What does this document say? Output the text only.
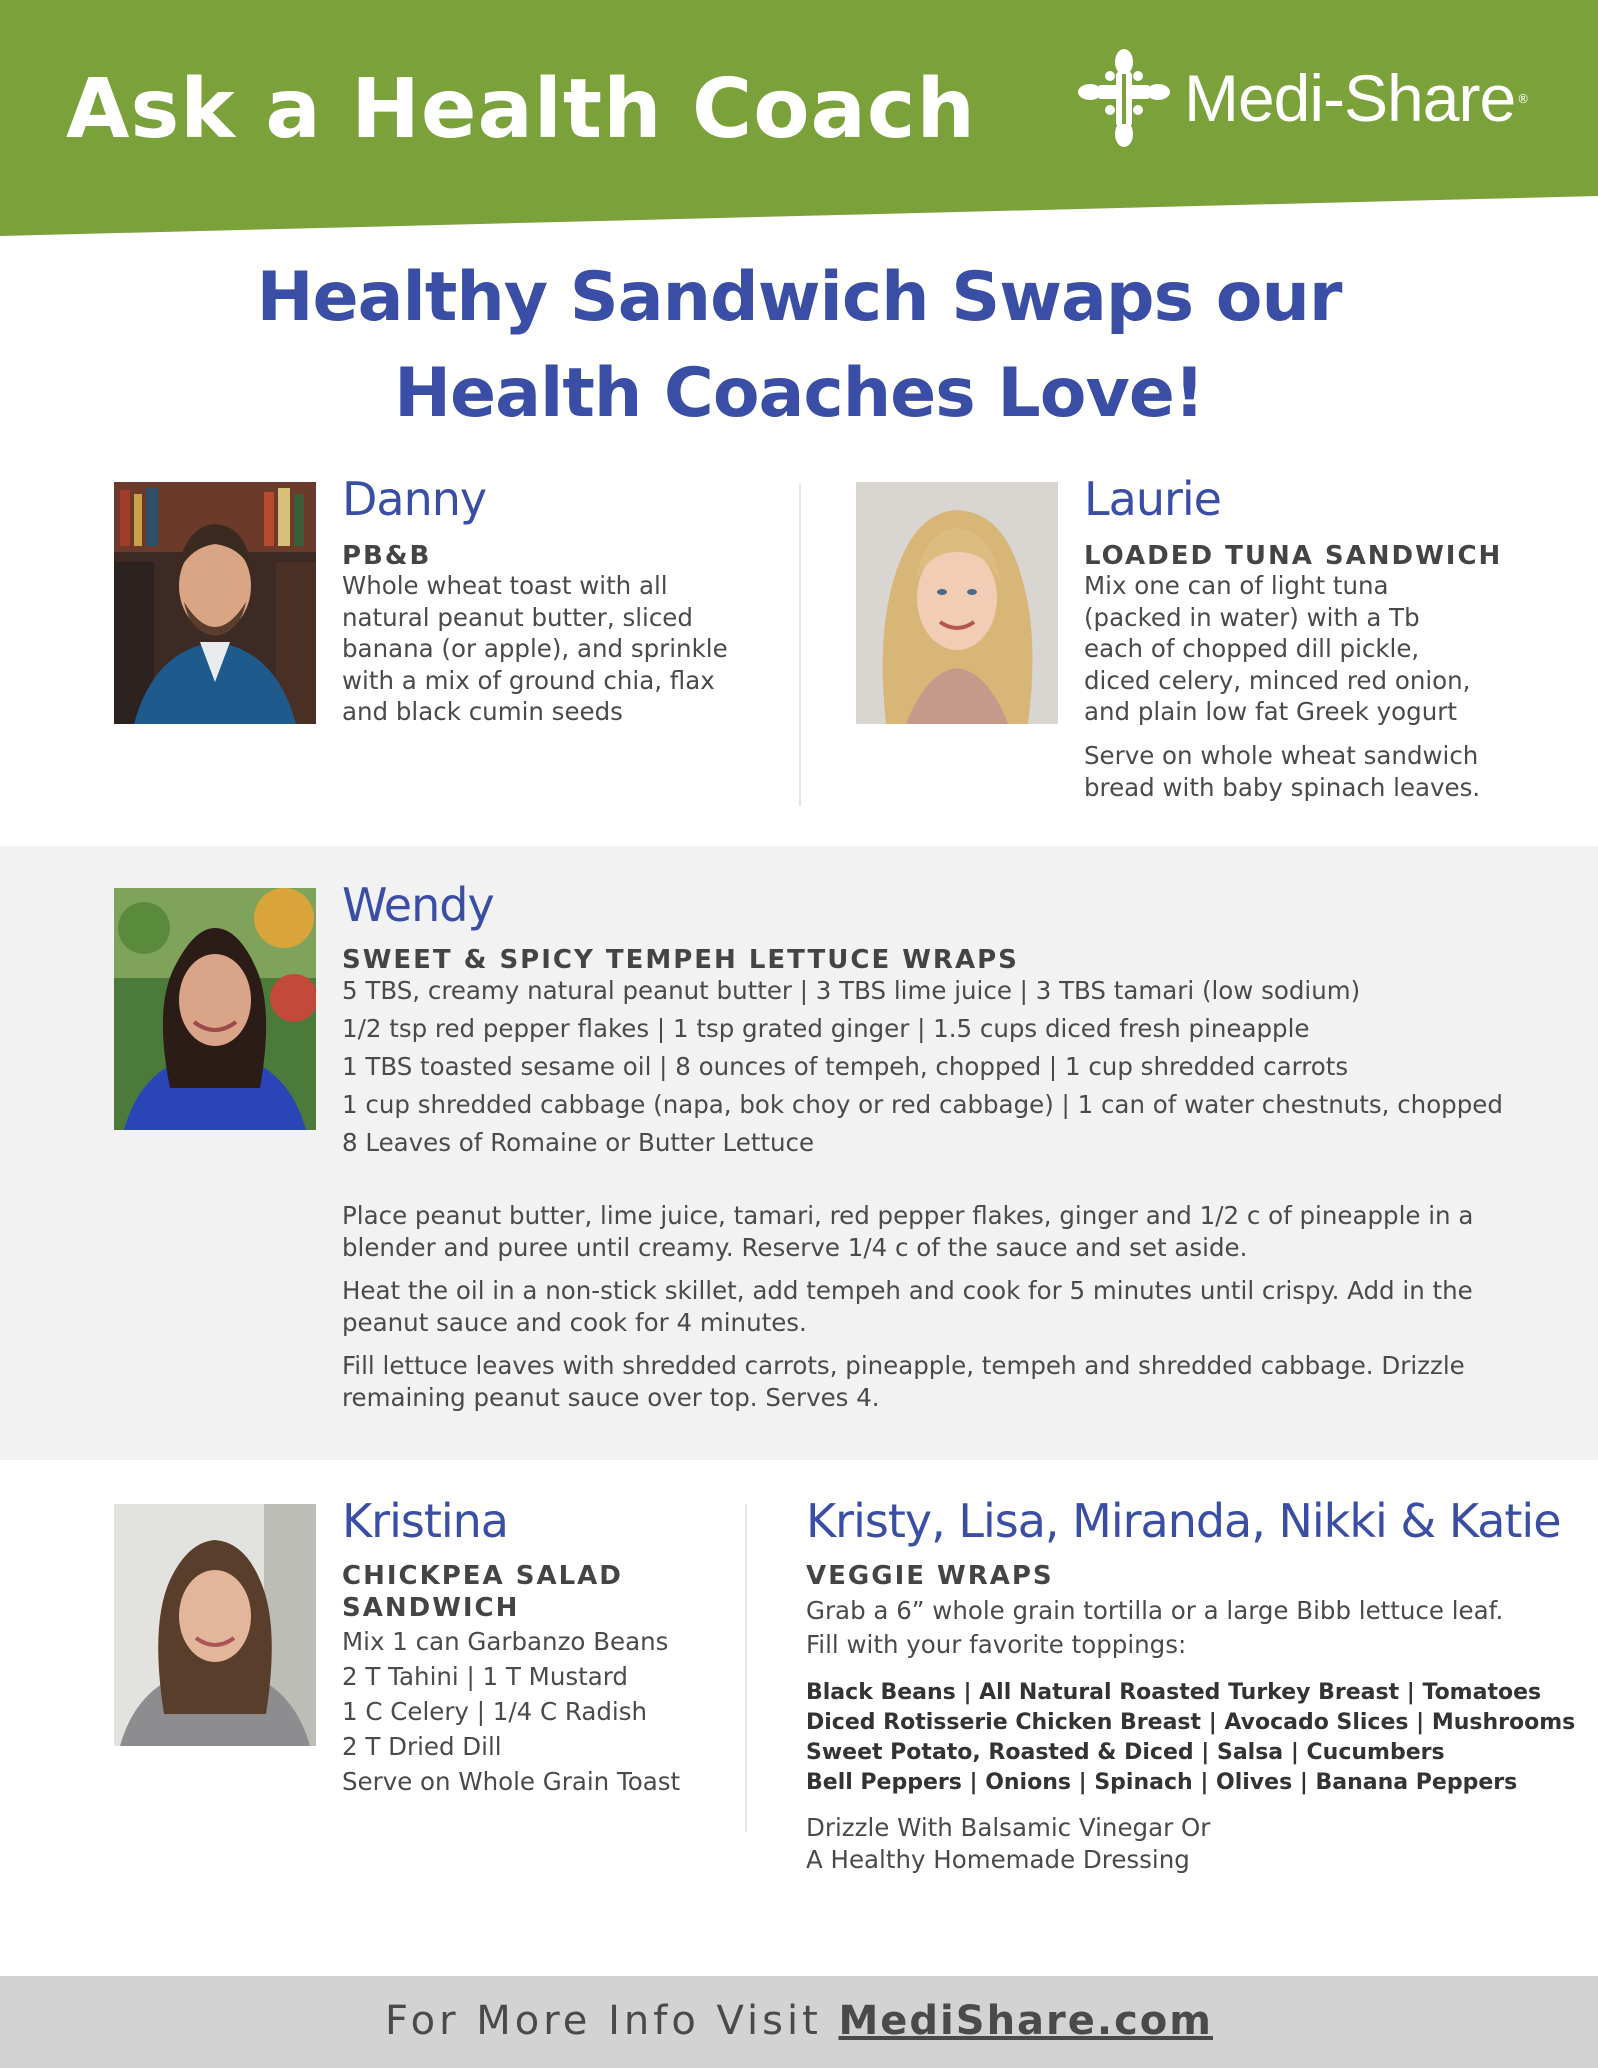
Ask a Health Coach	Medi-Share ®
Healthy Sandwich Swaps our
Health Coaches Love!
Danny
PB&B
Whole wheat toast with all
natural peanut butter, sliced
banana (or apple), and sprinkle
with a mix of ground chia, flax
and black cumin seeds
Laurie
LOADED TUNA SANDWICH
Mix one can of light tuna
(packed in water) with a Tb
each of chopped dill pickle,
diced celery, minced red onion,
and plain low fat Greek yogurt
Serve on whole wheat sandwich
bread with baby spinach leaves.
Wendy
SWEET & SPICY TEMPEH LETTUCE WRAPS
5 TBS, creamy natural peanut butter | 3 TBS lime juice | 3 TBS tamari (low sodium)
1/2 tsp red pepper flakes | 1 tsp grated ginger | 1.5 cups diced fresh pineapple
1 TBS toasted sesame oil | 8 ounces of tempeh, chopped | 1 cup shredded carrots
1 cup shredded cabbage (napa, bok choy or red cabbage) | 1 can of water chestnuts, chopped
8 Leaves of Romaine or Butter Lettuce

Place peanut butter, lime juice, tamari, red pepper flakes, ginger and 1/2 c of pineapple in a
blender and puree until creamy. Reserve 1/4 c of the sauce and set aside.

Heat the oil in a non-stick skillet, add tempeh and cook for 5 minutes until crispy. Add in the
peanut sauce and cook for 4 minutes.

Fill lettuce leaves with shredded carrots, pineapple, tempeh and shredded cabbage. Drizzle
remaining peanut sauce over top. Serves 4.

Kristina
CHICKPEA SALAD
SANDWICH
Mix 1 can Garbanzo Beans
2 T Tahini | 1 T Mustard
1 C Celery | 1/4 C Radish
2 T Dried Dill
Serve on Whole Grain Toast
Kristy, Lisa, Miranda, Nikki & Katie
VEGGIE WRAPS
Grab a 6” whole grain tortilla or a large Bibb lettuce leaf.
Fill with your favorite toppings:
Black Beans | All Natural Roasted Turkey Breast | Tomatoes
Diced Rotisserie Chicken Breast | Avocado Slices | Mushrooms
Sweet Potato, Roasted & Diced | Salsa | Cucumbers
Bell Peppers | Onions | Spinach | Olives | Banana Peppers
Drizzle With Balsamic Vinegar Or
A Healthy Homemade Dressing
For More Info Visit MediShare.com
